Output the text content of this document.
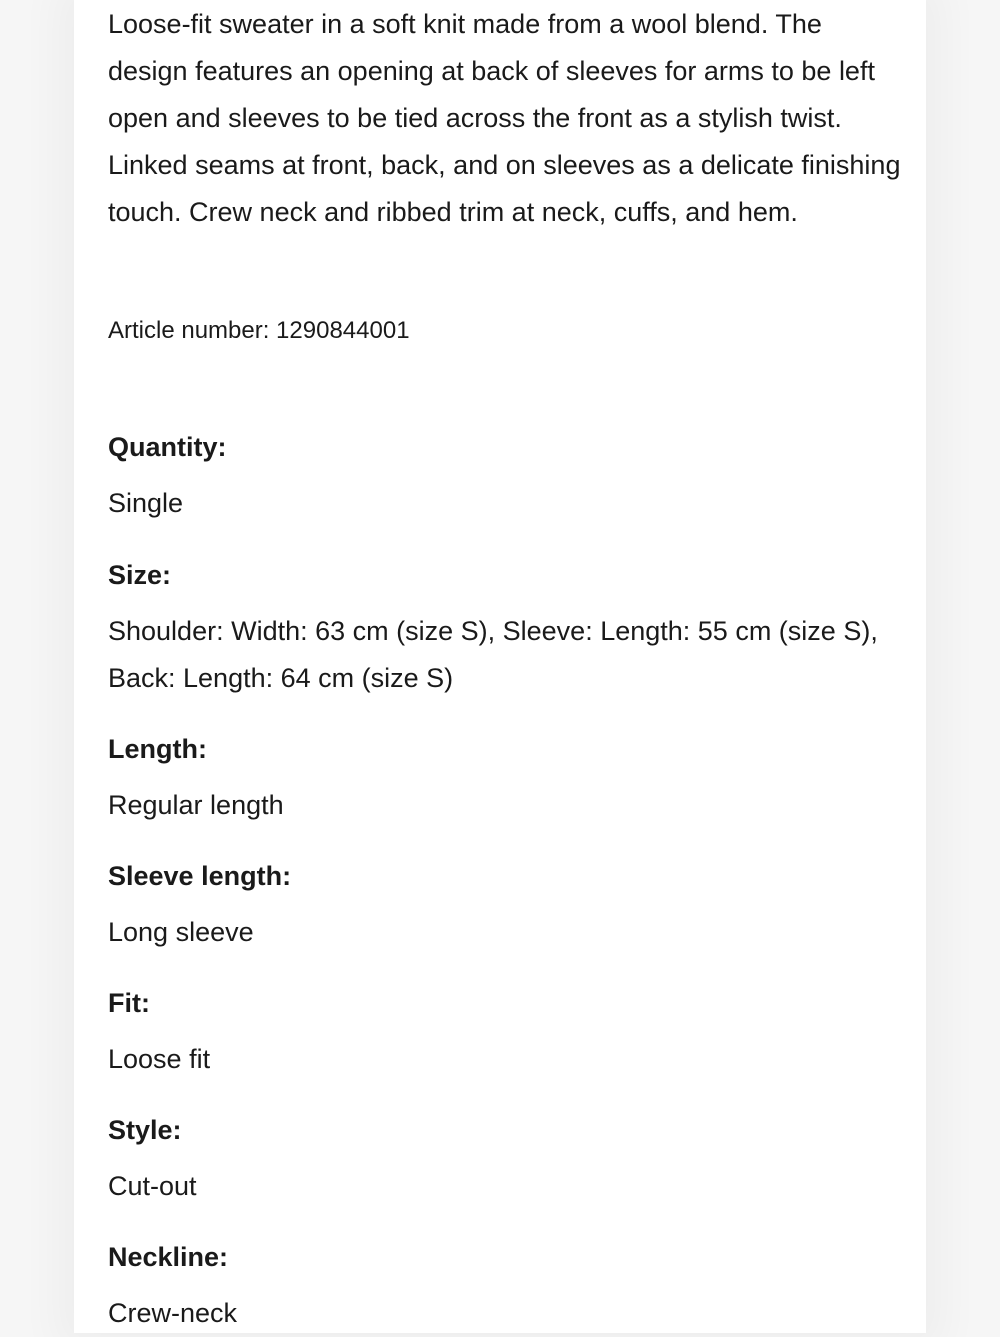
Loose-fit sweater in a soft knit made from a wool blend. The design features an opening at back of sleeves for arms to be left open and sleeves to be tied across the front as a stylish twist. Linked seams at front, back, and on sleeves as a delicate finishing touch. Crew neck and ribbed trim at neck, cuffs, and hem.

Article number: 1290844001
Quantity:
Single
Size:
Shoulder: Width: 63 cm (size S), Sleeve: Length: 55 cm (size S), Back: Length: 64 cm (size S)
Length:
Regular length
Sleeve length:
Long sleeve
Fit:
Loose fit
Style:
Cut-out
Neckline:
Crew-neck
